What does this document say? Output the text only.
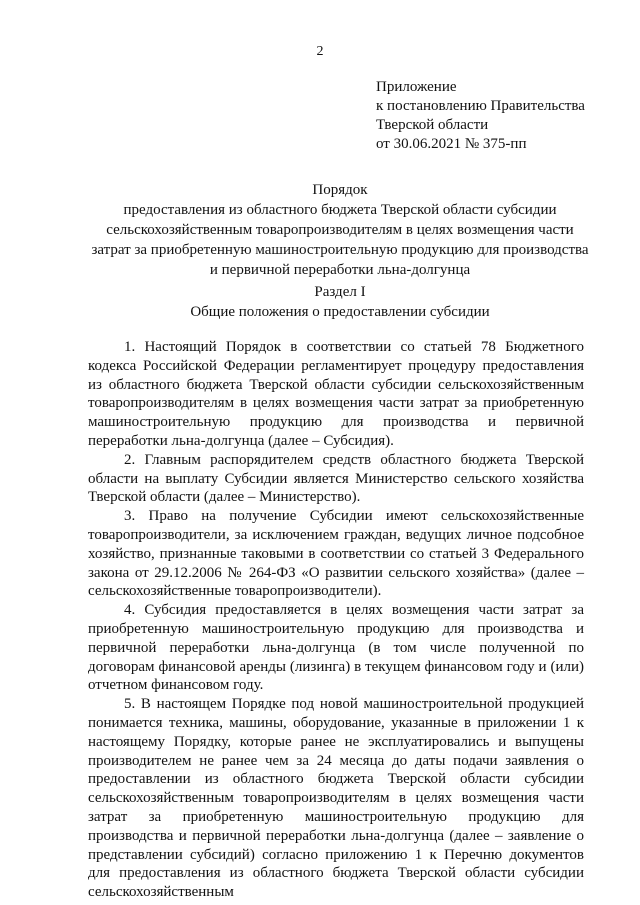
2
Приложение
к постановлению Правительства
Тверской области
от 30.06.2021 № 375-пп
Порядок
предоставления из областного бюджета Тверской области субсидии
сельскохозяйственным товаропроизводителям в целях возмещения части
затрат за приобретенную машиностроительную продукцию для производства
и первичной переработки льна-долгунца
Раздел I
Общие положения о предоставлении субсидии

1. Настоящий Порядок в соответствии со статьей 78 Бюджетного кодекса Российской Федерации регламентирует процедуру предоставления из областного бюджета Тверской области субсидии сельскохозяйственным товаропроизводителям в целях возмещения части затрат за приобретенную машиностроительную продукцию для производства и первичной переработки льна-долгунца (далее – Субсидия).

2. Главным распорядителем средств областного бюджета Тверской области на выплату Субсидии является Министерство сельского хозяйства Тверской области (далее – Министерство).

3. Право на получение Субсидии имеют сельскохозяйственные товаропроизводители, за исключением граждан, ведущих личное подсобное хозяйство, признанные таковыми в соответствии со статьей 3 Федерального закона от 29.12.2006 № 264-ФЗ «О развитии сельского хозяйства» (далее – сельскохозяйственные товаропроизводители).

4. Субсидия предоставляется в целях возмещения части затрат за приобретенную машиностроительную продукцию для производства и первичной переработки льна-долгунца (в том числе полученной по договорам финансовой аренды (лизинга) в текущем финансовом году и (или) отчетном финансовом году.

5. В настоящем Порядке под новой машиностроительной продукцией понимается техника, машины, оборудование, указанные в приложении 1 к настоящему Порядку, которые ранее не эксплуатировались и выпущены производителем не ранее чем за 24 месяца до даты подачи заявления о предоставлении из областного бюджета Тверской области субсидии сельскохозяйственным товаропроизводителям в целях возмещения части затрат за приобретенную машиностроительную продукцию для производства и первичной переработки льна-долгунца (далее – заявление о представлении субсидий) согласно приложению 1 к Перечню документов для предоставления из областного бюджета Тверской области субсидии сельскохозяйственным
